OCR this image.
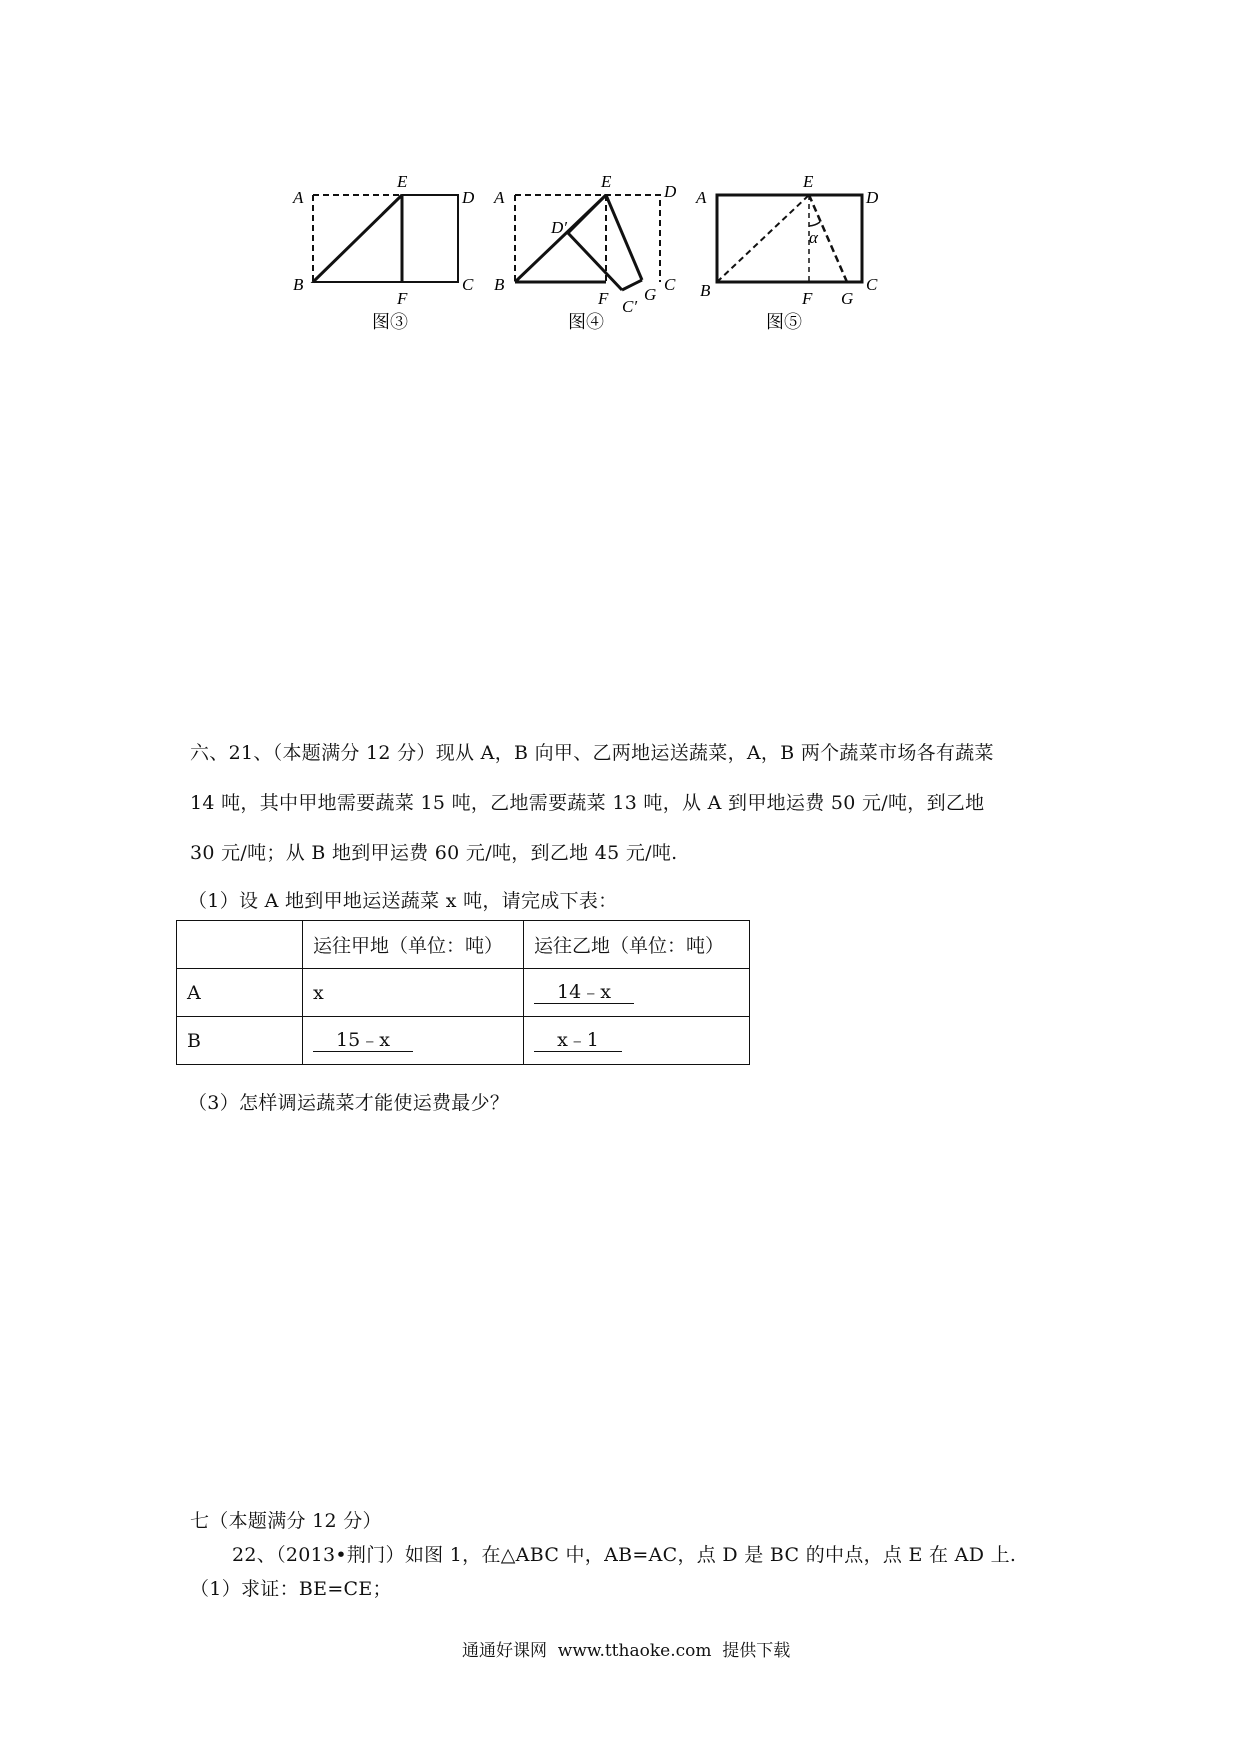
A
E
D
B
F
C
图③
A
E
D
D′
B
F C′
G
C
图④
A
E
D
α
B	F G
C
图⑤
六、21、（本题满分 12 分）现从 A，B 向甲、乙两地运送蔬菜，A，B 两个蔬菜市场各有蔬菜
14 吨，其中甲地需要蔬菜 15 吨，乙地需要蔬菜 13 吨，从 A 到甲地运费 50 元/吨，到乙地
30 元/吨；从 B 地到甲运费 60 元/吨，到乙地 45 元/吨.
（1）设 A 地到甲地运送蔬菜 x 吨，请完成下表：
	运往甲地（单位：吨）	运往乙地（单位：吨）
A	x	14﹣x
B	15﹣x	x﹣1
（3）怎样调运蔬菜才能使运费最少？
七（本题满分 12 分）
22、（2013•荆门）如图 1，在△ABC 中，AB=AC，点 D 是 BC 的中点，点 E 在 AD 上.
（1）求证：BE=CE；
通通好课网  www.tthaoke.com  提供下载
